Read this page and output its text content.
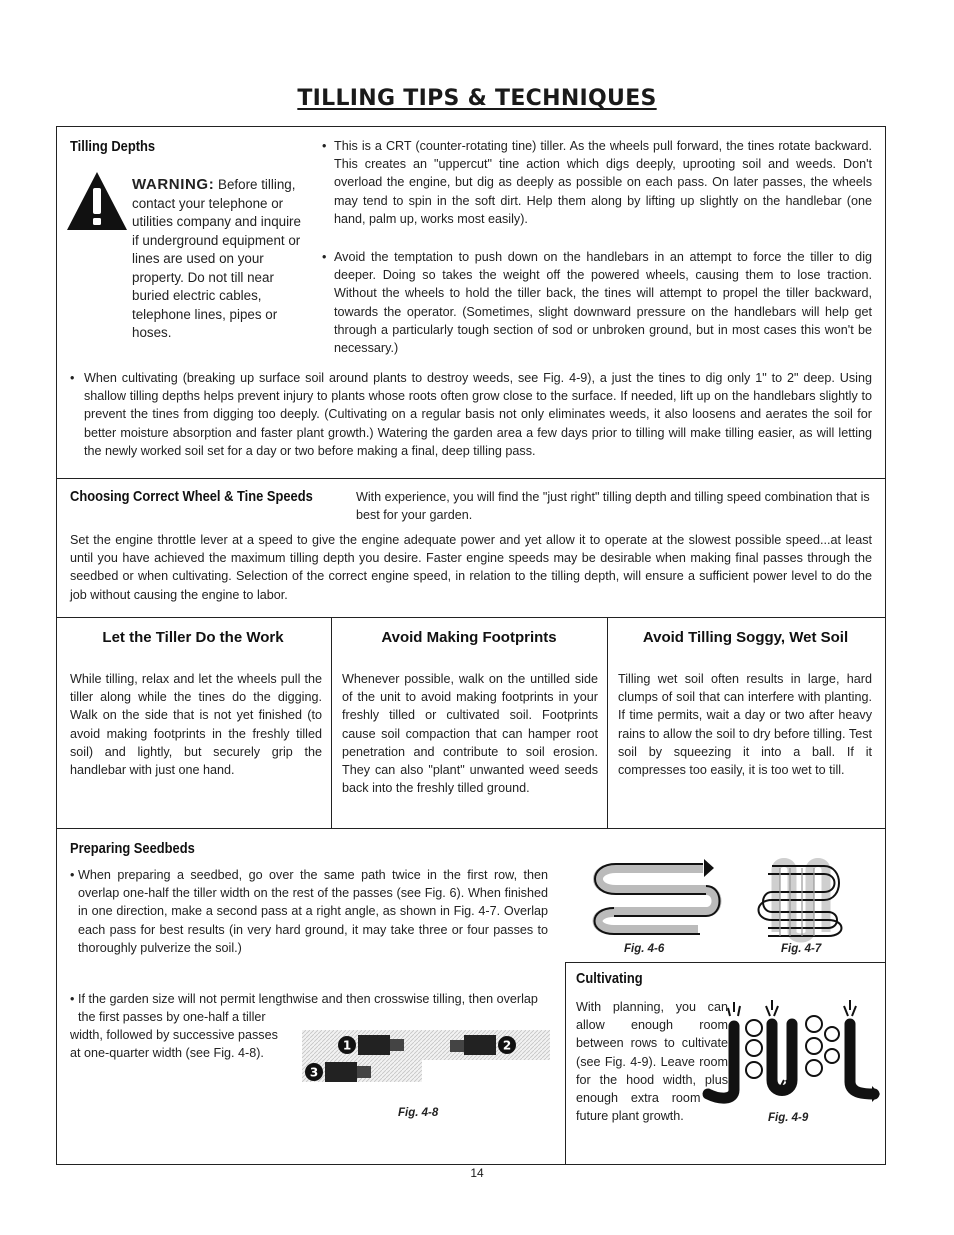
TILLING TIPS & TECHNIQUES
Tilling Depths
WARNING: Before tilling, contact your telephone or utilities company and inquire if underground equipment or lines are used on your property. Do not till near buried electric cables, telephone lines, pipes or hoses.
• This is a CRT (counter-rotating tine) tiller. As the wheels pull forward, the tines rotate backward. This creates an "uppercut" tine action which digs deeply, uprooting soil and weeds. Don't overload the engine, but dig as deeply as possible on each pass. On later passes, the wheels may tend to spin in the soft dirt. Help them along by lifting up slightly on the handlebar (one hand, palm up, works most easily).

• Avoid the temptation to push down on the handlebars in an attempt to force the tiller to dig deeper. Doing so takes the weight off the powered wheels, causing them to lose traction. Without the wheels to hold the tiller back, the tines will attempt to propel the tiller backward, towards the operator. (Sometimes, slight downward pressure on the handlebars will help get through a particularly tough section of sod or unbroken ground, but in most cases this won't be necessary.)

• When cultivating (breaking up surface soil around plants to destroy weeds, see Fig. 4-9), a just the tines to dig only 1" to 2" deep. Using shallow tilling depths helps prevent injury to plants whose roots often grow close to the surface. If needed, lift up on the handlebars slightly to prevent the tines from digging too deeply. (Cultivating on a regular basis not only eliminates weeds, it also loosens and aerates the soil for better moisture absorption and faster plant growth.) Watering the garden area a few days prior to tilling will make tilling easier, as will letting the newly worked soil set for a day or two before making a final, deep tilling pass.

Choosing Correct Wheel & Tine Speeds	With experience, you will find the "just right" tilling depth and tilling speed combination that is best for your garden.

Set the engine throttle lever at a speed to give the engine adequate power and yet allow it to operate at the slowest possible speed...at least until you have achieved the maximum tilling depth you desire. Faster engine speeds may be desirable when making final passes through the seedbed or when cultivating. Selection of the correct engine speed, in relation to the tilling depth, will ensure a sufficient power level to do the job without causing the engine to labor.

Let the Tiller Do the Work

While tilling, relax and let the wheels pull the tiller along while the tines do the digging. Walk on the side that is not yet finished (to avoid making footprints in the freshly tilled soil) and lightly, but securely grip the handlebar with just one hand.

Avoid Making Footprints

Whenever possible, walk on the untilled side of the unit to avoid making footprints in your freshly tilled or cultivated soil. Footprints cause soil compaction that can hamper root penetration and contribute to soil erosion. They can also "plant" unwanted weed seeds back into the freshly tilled ground.

Avoid Tilling Soggy, Wet Soil

Tilling wet soil often results in large, hard clumps of soil that can interfere with planting. If time permits, wait a day or two after heavy rains to allow the soil to dry before tilling. Test soil by squeezing it into a ball. If it compresses too easily, it is too wet to till.

Preparing Seedbeds
• When preparing a seedbed, go over the same path twice in the first row, then overlap one-half the tiller width on the rest of the passes (see Fig. 6). When finished in one direction, make a second pass at a right angle, as shown in Fig. 4-7. Overlap each pass for best results (in very hard ground, it may take three or four passes to thoroughly pulverize the soil.)

• If the garden size will not permit lengthwise and then crosswise tilling, then overlap the first passes by one-half a tiller

width, followed by successive passes
at one-quarter width (see Fig. 4-8).
1	2
3
Fig. 4-8
Fig. 4-6	Fig. 4-7
Cultivating

With planning, you can allow enough room between rows to cultivate (see Fig. 4-9). Leave room for the hood width, plus enough extra room for future plant growth.	Fig. 4-9
14
